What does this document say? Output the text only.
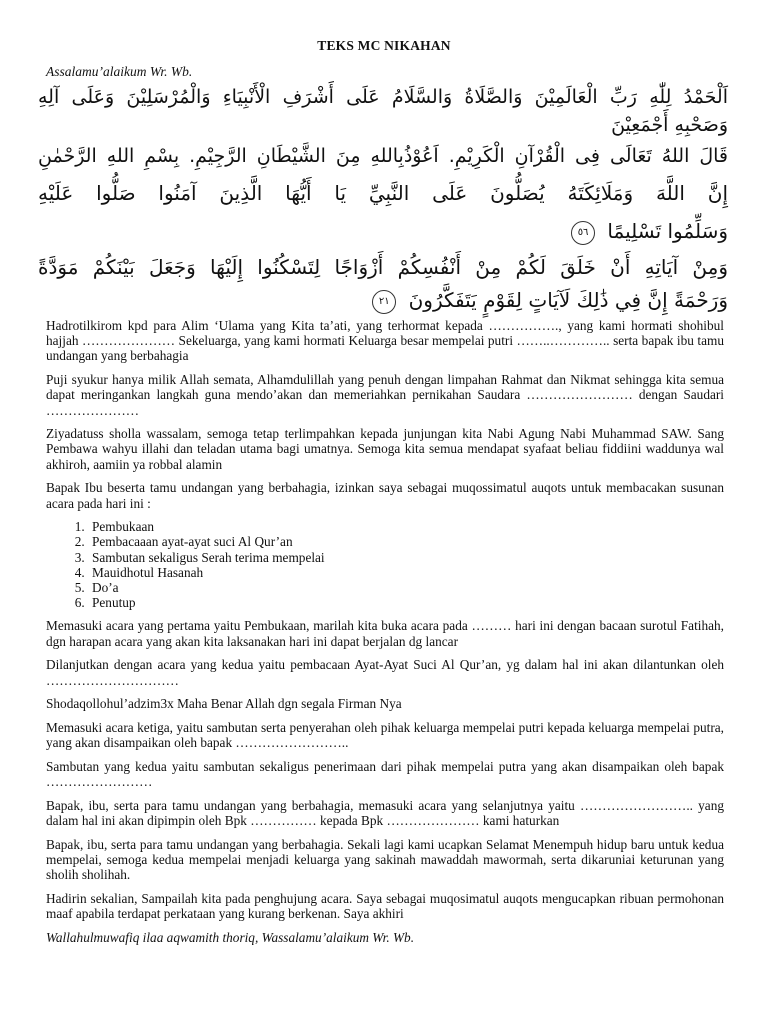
TEKS MC NIKAHAN
Assalamu’alaikum Wr. Wb.
اَلْحَمْدُ لِلّٰهِ رَبِّ الْعَالَمِيْنَ وَالصَّلَاةُ وَالسَّلَامُ عَلَى أَشْرَفِ الْأَنْبِيَاءِ وَالْمُرْسَلِيْنَ وَعَلَى آلِهِ
وَصَحْبِهِ أَجْمَعِيْنَ
قَالَ اللهُ تَعَالَى فِى الْقُرْآنِ الْكَرِيْمِ. اَعُوْذُبِاللهِ مِنَ الشَّيْطَانِ الرَّجِيْمِ. بِسْمِ اللهِ الرَّحْمٰنِ
إِنَّ اللَّهَ وَمَلَائِكَتَهُ يُصَلُّونَ عَلَى النَّبِيِّ يَا أَيُّهَا الَّذِينَ آمَنُوا صَلُّوا عَلَيْهِ
وَسَلِّمُوا تَسْلِيمًا ٥٦
وَمِنْ آيَاتِهِ أَنْ خَلَقَ لَكُمْ مِنْ أَنْفُسِكُمْ أَزْوَاجًا لِتَسْكُنُوا إِلَيْهَا وَجَعَلَ بَيْنَكُمْ مَوَدَّةً
وَرَحْمَةً إِنَّ فِي ذَٰلِكَ لَآيَاتٍ لِقَوْمٍ يَتَفَكَّرُونَ ٢١

Hadrotilkirom kpd para Alim ‘Ulama yang Kita ta’ati, yang terhormat kepada ……………., yang kami hormati shohibul hajjah ………………… Sekeluarga, yang kami hormati Keluarga besar mempelai putri ……..………….. serta bapak ibu tamu undangan yang berbahagia

Puji syukur hanya milik Allah semata, Alhamdulillah yang penuh dengan limpahan Rahmat dan Nikmat sehingga kita semua dapat meringankan langkah guna mendo’akan dan memeriahkan pernikahan Saudara …………………… dengan Saudari …………………

Ziyadatuss sholla wassalam, semoga tetap terlimpahkan kepada junjungan kita Nabi Agung Nabi Muhammad SAW. Sang Pembawa wahyu illahi dan teladan utama bagi umatnya. Semoga kita semua mendapat syafaat beliau fiddiini waddunya wal akhiroh, aamiin ya robbal alamin

Bapak Ibu beserta tamu undangan yang berbahagia, izinkan saya sebagai muqossimatul auqots untuk membacakan susunan acara pada hari ini :

1. Pembukaan
2. Pembacaaan ayat-ayat suci Al Qur’an
3. Sambutan sekaligus Serah terima mempelai
4. Mauidhotul Hasanah
5. Do’a
6. Penutup

Memasuki acara yang pertama yaitu Pembukaan, marilah kita buka acara pada ……… hari ini dengan bacaan surotul Fatihah, dgn harapan acara yang akan kita laksanakan hari ini dapat berjalan dg lancar

Dilanjutkan dengan acara yang kedua yaitu pembacaan Ayat-Ayat Suci Al Qur’an, yg dalam hal ini akan dilantunkan oleh …………………………

Shodaqollohul’adzim3x Maha Benar Allah dgn segala Firman Nya

Memasuki acara ketiga, yaitu sambutan serta penyerahan oleh pihak keluarga mempelai putri kepada keluarga mempelai putra, yang akan disampaikan oleh bapak ……………………..

Sambutan yang kedua yaitu sambutan sekaligus penerimaan dari pihak mempelai putra yang akan disampaikan oleh bapak ……………………

Bapak, ibu, serta para tamu undangan yang berbahagia, memasuki acara yang selanjutnya yaitu …………………….. yang dalam hal ini akan dipimpin oleh Bpk …………… kepada Bpk ………………… kami haturkan

Bapak, ibu, serta para tamu undangan yang berbahagia. Sekali lagi kami ucapkan Selamat Menempuh hidup baru untuk kedua mempelai, semoga kedua mempelai menjadi keluarga yang sakinah mawaddah mawormah, serta dikaruniai keturunan yang sholih sholihah.

Hadirin sekalian, Sampailah kita pada penghujung acara. Saya sebagai muqosimatul auqots mengucapkan ribuan permohonan maaf apabila terdapat perkataan yang kurang berkenan. Saya akhiri

Wallahulmuwafiq ilaa aqwamith thoriq, Wassalamu’alaikum Wr. Wb.
